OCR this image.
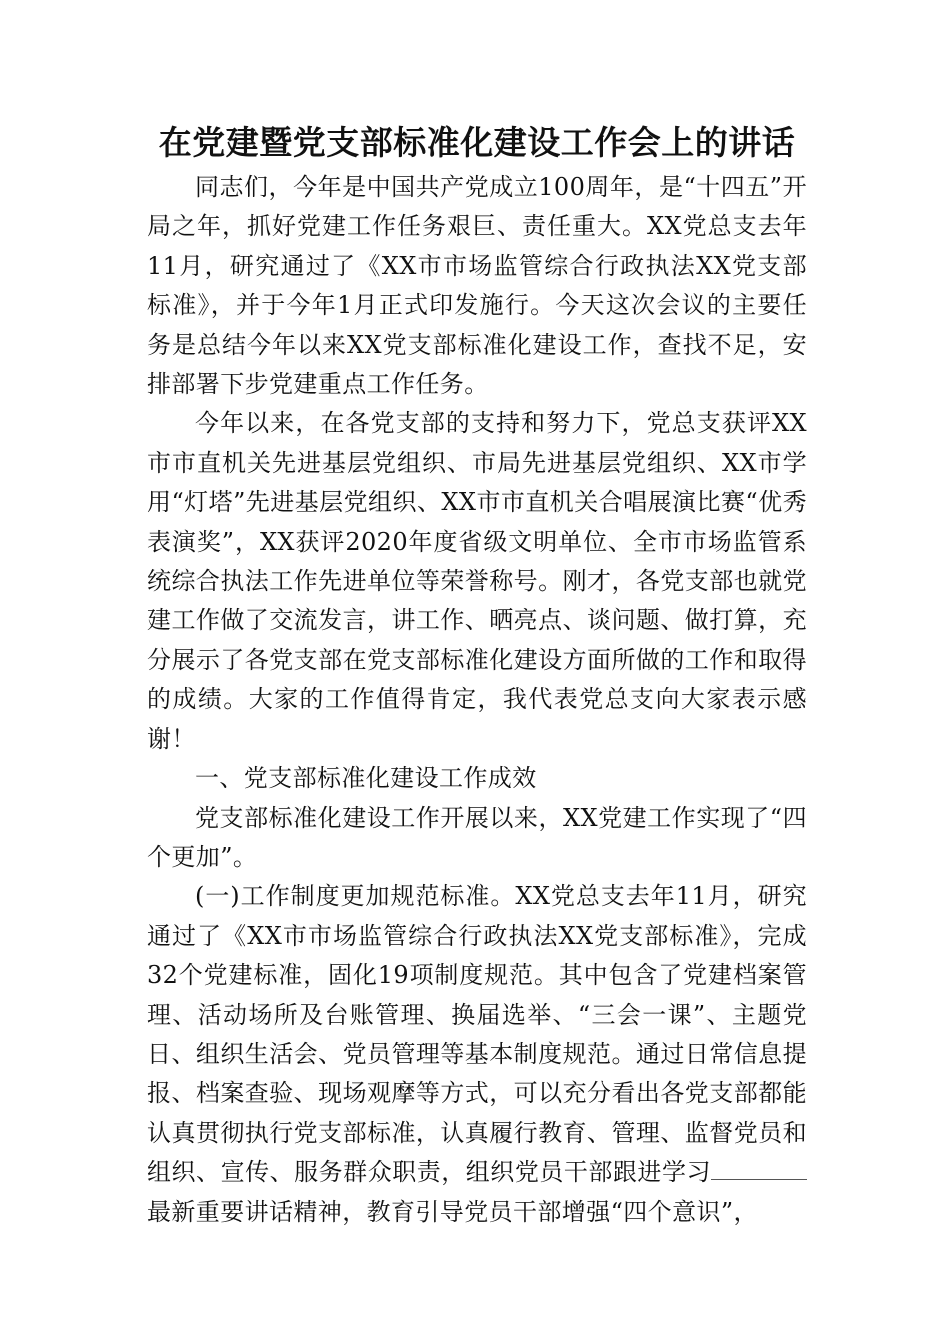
在党建暨党支部标准化建设工作会上的讲话

同志们，今年是中国共产党成立100周年，是“十四五”开局之年，抓好党建工作任务艰巨、责任重大。XX党总支去年11月，研究通过了《XX市市场监管综合行政执法XX党支部标准》，并于今年1月正式印发施行。今天这次会议的主要任务是总结今年以来XX党支部标准化建设工作，查找不足，安排部署下步党建重点工作任务。

今年以来，在各党支部的支持和努力下，党总支获评XX市市直机关先进基层党组织、市局先进基层党组织、XX市学用“灯塔”先进基层党组织、XX市市直机关合唱展演比赛“优秀表演奖”，XX获评2020年度省级文明单位、全市市场监管系统综合执法工作先进单位等荣誉称号。刚才，各党支部也就党建工作做了交流发言，讲工作、晒亮点、谈问题、做打算，充分展示了各党支部在党支部标准化建设方面所做的工作和取得的成绩。大家的工作值得肯定，我代表党总支向大家表示感谢！

一、党支部标准化建设工作成效

党支部标准化建设工作开展以来，XX党建工作实现了“四个更加”。

(一)工作制度更加规范标准。XX党总支去年11月，研究通过了《XX市市场监管综合行政执法XX党支部标准》，完成32个党建标准，固化19项制度规范。其中包含了党建档案管理、活动场所及台账管理、换届选举、“三会一课”、主题党日、组织生活会、党员管理等基本制度规范。通过日常信息提报、档案查验、现场观摩等方式，可以充分看出各党支部都能认真贯彻执行党支部标准，认真履行教育、管理、监督党员和组织、宣传、服务群众职责，组织党员干部跟进学习最新重要讲话精神，教育引导党员干部增强“四个意识”，
